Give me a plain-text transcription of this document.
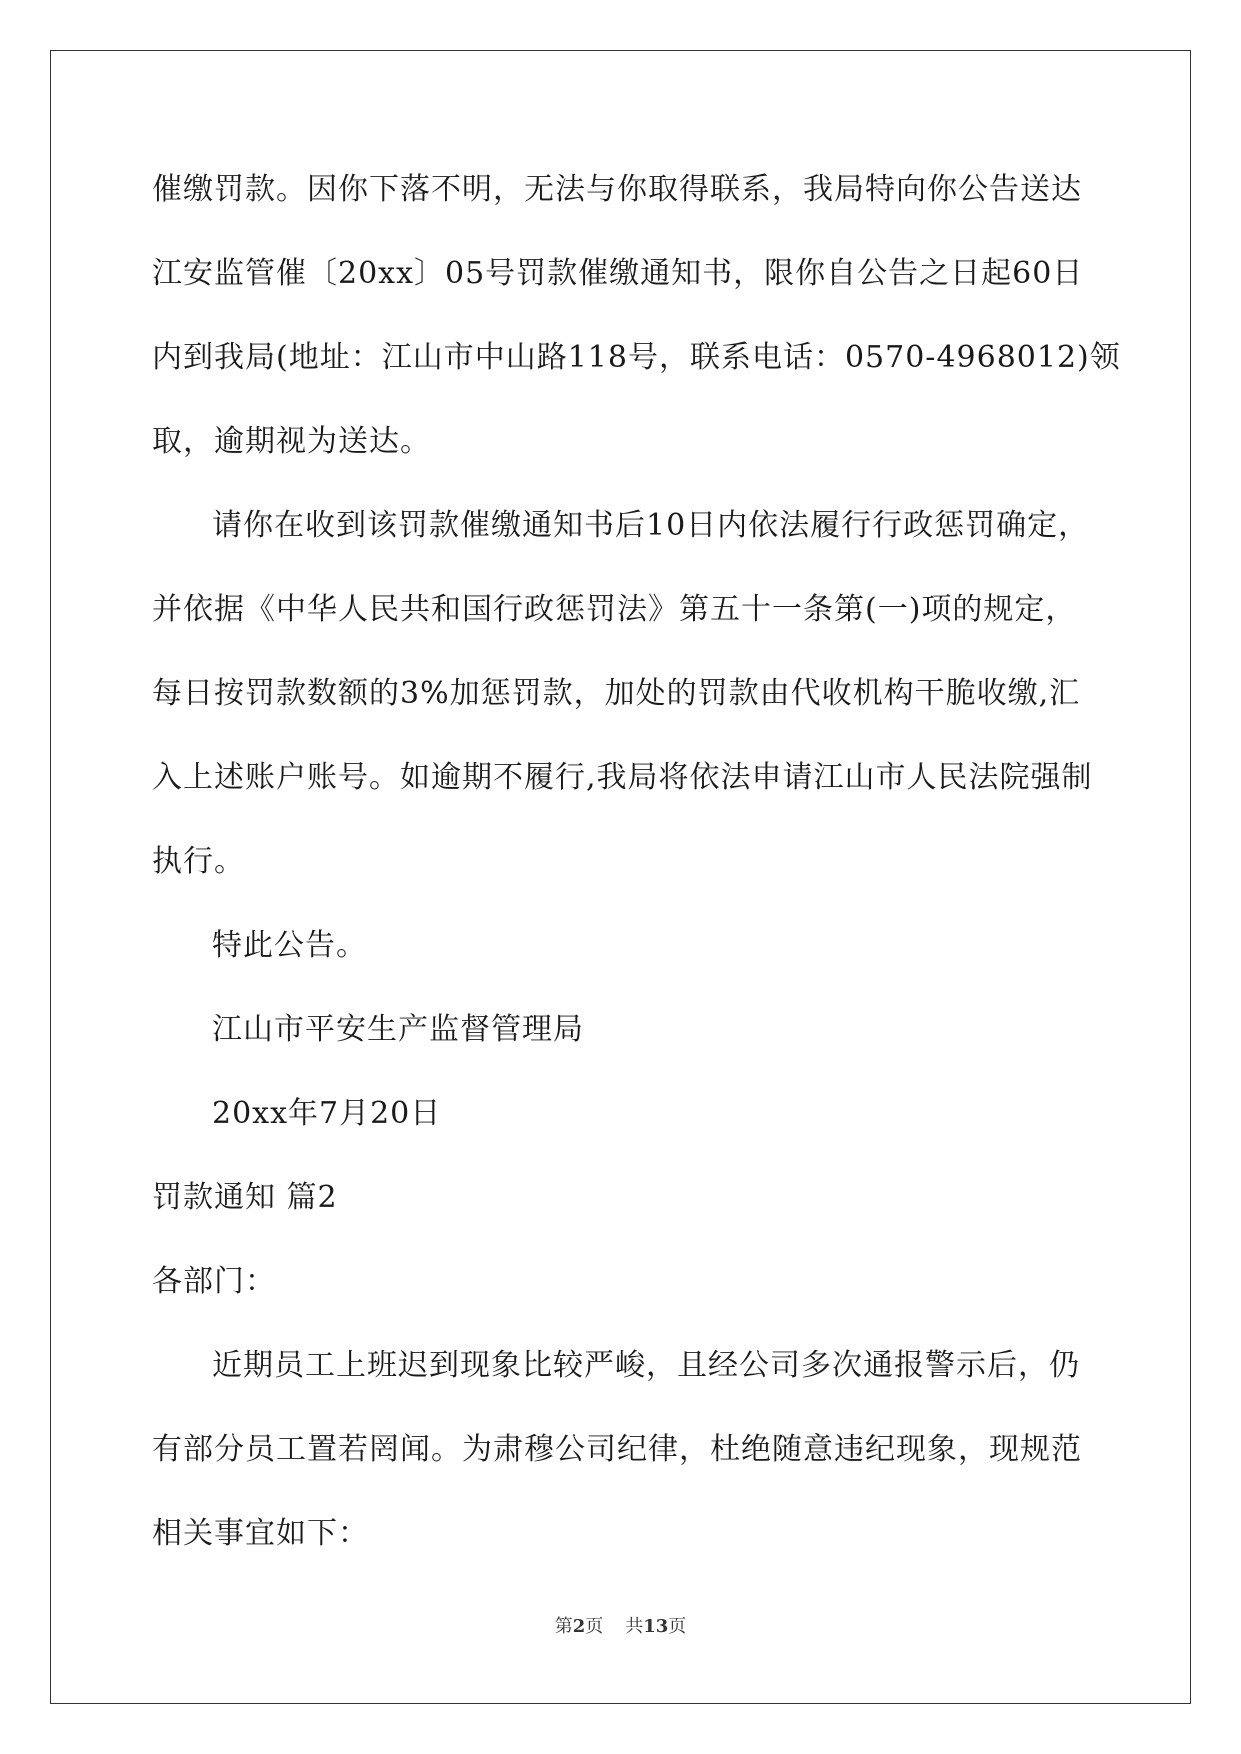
催缴罚款。因你下落不明，无法与你取得联系，我局特向你公告送达
江安监管催〔20xx〕05号罚款催缴通知书，限你自公告之日起60日
内到我局(地址：江山市中山路118号，联系电话：0570-4968012)领
取，逾期视为送达。
请你在收到该罚款催缴通知书后10日内依法履行行政惩罚确定，
并依据《中华人民共和国行政惩罚法》第五十一条第(一)项的规定，
每日按罚款数额的3%加惩罚款，加处的罚款由代收机构干脆收缴,汇
入上述账户账号。如逾期不履行,我局将依法申请江山市人民法院强制
执行。
特此公告。
江山市平安生产监督管理局
20xx年7月20日
罚款通知 篇2
各部门：
近期员工上班迟到现象比较严峻，且经公司多次通报警示后，仍
有部分员工置若罔闻。为肃穆公司纪律，杜绝随意违纪现象，现规范
相关事宜如下：
第2页 共13页
